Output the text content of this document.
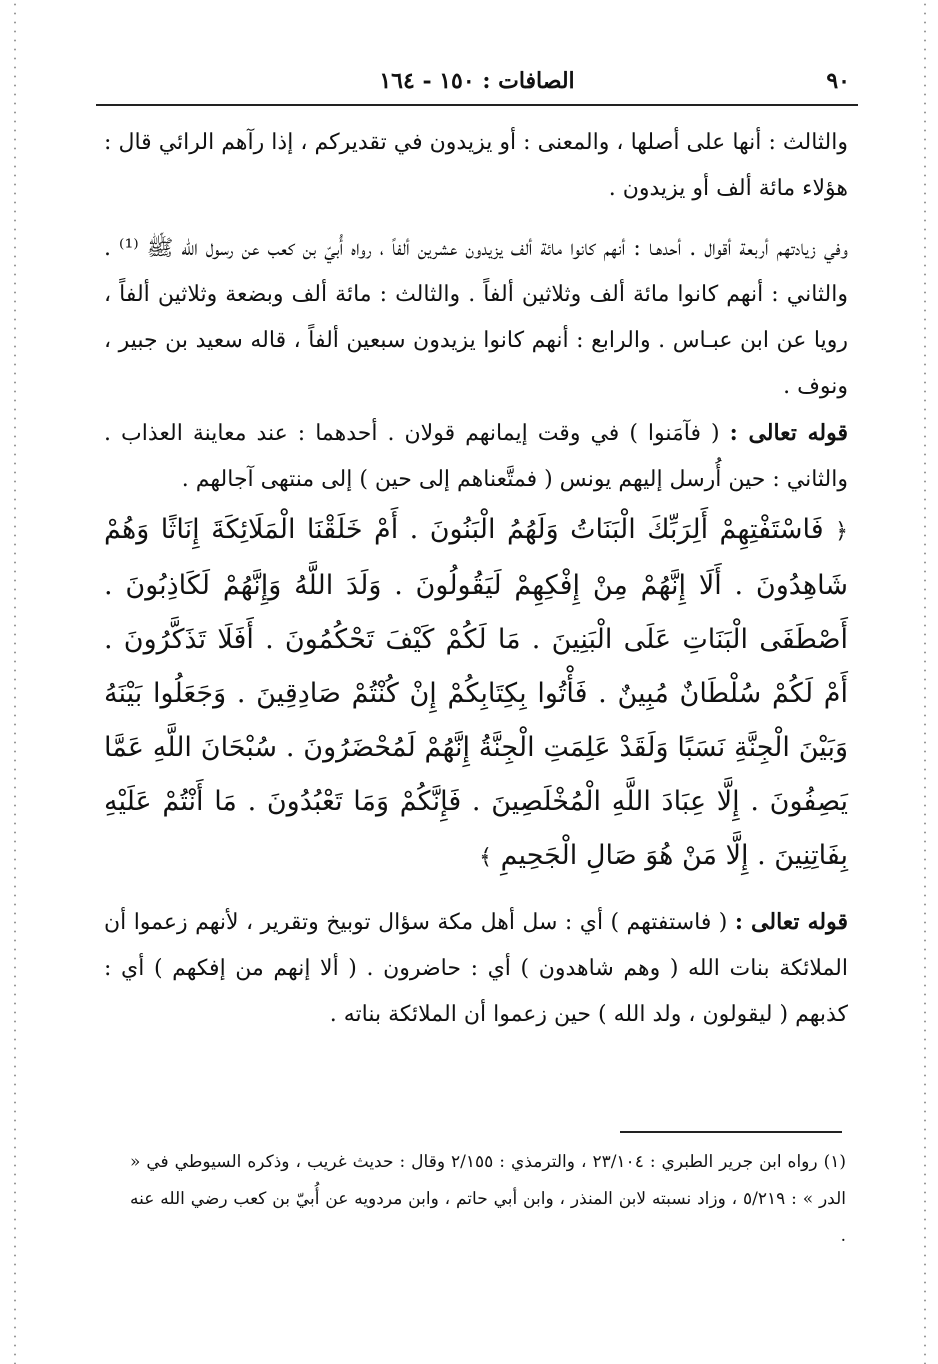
٩٠
الصافات : ١٥٠ - ١٦٤

والثالث : أنها على أصلها ، والمعنى : أو يزيدون في تقديركم ، إذا رآهم الرائي قال : هؤلاء مائة ألف أو يزيدون .

وفي زيادتهم أربعة أقوال . أحدهـا : أنهم كانوا مائة ألف يزيدون عشرين ألفاً ، رواه أُبيّ بن كعب عن رسول الله ﷺ ⁽¹⁾ . والثاني : أنهم كانوا مائة ألف وثلاثين ألفاً . والثالث : مائة ألف وبضعة وثلاثين ألفاً ، رويا عن ابن عبـاس . والرابع : أنهم كانوا يزيدون سبعين ألفاً ، قاله سعيد بن جبير ، ونوف .

قوله تعالى : ( فآمَنوا ) في وقت إيمانهم قولان . أحدهما : عند معاينة العذاب . والثاني : حين أُرسل إليهم يونس ( فمتَّعناهم إلى حين ) إلى منتهى آجالهم .

﴿ فَاسْتَفْتِهِمْ أَلِرَبِّكَ الْبَنَاتُ وَلَهُمُ الْبَنُونَ . أَمْ خَلَقْنَا الْمَلَائِكَةَ إِنَاثًا وَهُمْ شَاهِدُونَ . أَلَا إِنَّهُمْ مِنْ إِفْكِهِمْ لَيَقُولُونَ . وَلَدَ اللَّهُ وَإِنَّهُمْ لَكَاذِبُونَ . أَصْطَفَى الْبَنَاتِ عَلَى الْبَنِينَ . مَا لَكُمْ كَيْفَ تَحْكُمُونَ . أَفَلَا تَذَكَّرُونَ . أَمْ لَكُمْ سُلْطَانٌ مُبِينٌ . فَأْتُوا بِكِتَابِكُمْ إِنْ كُنْتُمْ صَادِقِينَ . وَجَعَلُوا بَيْنَهُ وَبَيْنَ الْجِنَّةِ نَسَبًا وَلَقَدْ عَلِمَتِ الْجِنَّةُ إِنَّهُمْ لَمُحْضَرُونَ . سُبْحَانَ اللَّهِ عَمَّا يَصِفُونَ . إِلَّا عِبَادَ اللَّهِ الْمُخْلَصِينَ . فَإِنَّكُمْ وَمَا تَعْبُدُونَ . مَا أَنْتُمْ عَلَيْهِ بِفَاتِنِينَ . إِلَّا مَنْ هُوَ صَالِ الْجَحِيمِ ﴾

قوله تعالى : ( فاستفتهم ) أي : سل أهل مكة سؤال توبيخ وتقرير ، لأنهم زعموا أن الملائكة بنات الله ( وهم شاهدون ) أي : حاضرون . ( ألا إنهم من إفكهم ) أي : كذبهم ( ليقولون ، ولد الله ) حين زعموا أن الملائكة بناته .

(١) رواه ابن جرير الطبري : ٢٣/١٠٤ ، والترمذي : ٢/١٥٥ وقال : حديث غريب ، وذكره السيوطي في « الدر » : ٥/٢١٩ ، وزاد نسبته لابن المنذر ، وابن أبي حاتم ، وابن مردويه عن أُبيّ بن كعب رضي الله عنه .
